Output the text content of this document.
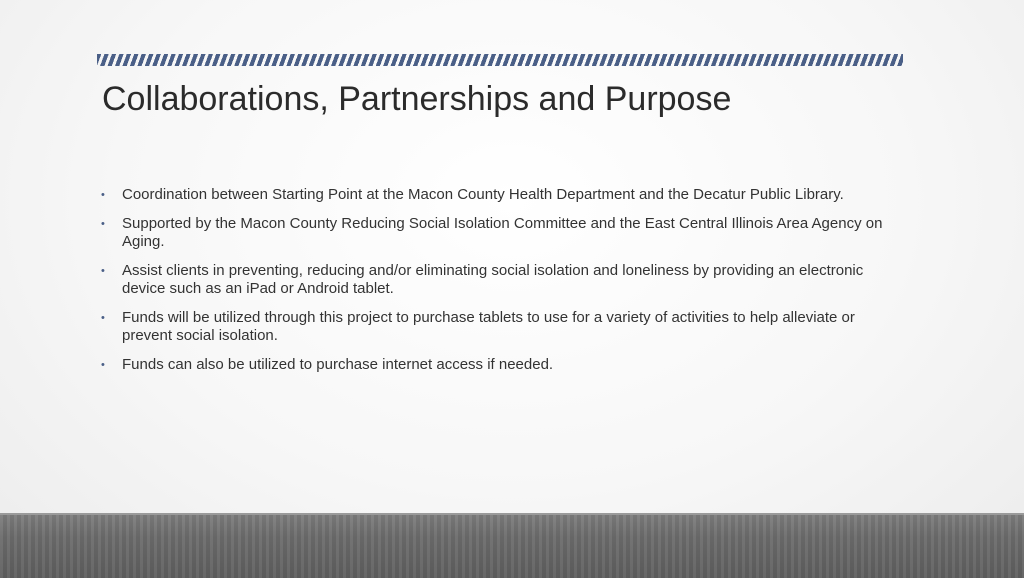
Collaborations, Partnerships and Purpose
• Coordination between Starting Point at the Macon County Health Department and the Decatur Public Library.
• Supported by the Macon County Reducing Social Isolation Committee and the East Central Illinois Area Agency on Aging.
• Assist clients in preventing, reducing and/or eliminating social isolation and loneliness by providing an electronic device such as an iPad or Android tablet.
• Funds will be utilized through this project to purchase tablets to use for a variety of activities to help alleviate or prevent social isolation.
• Funds can also be utilized to purchase internet access if needed.
